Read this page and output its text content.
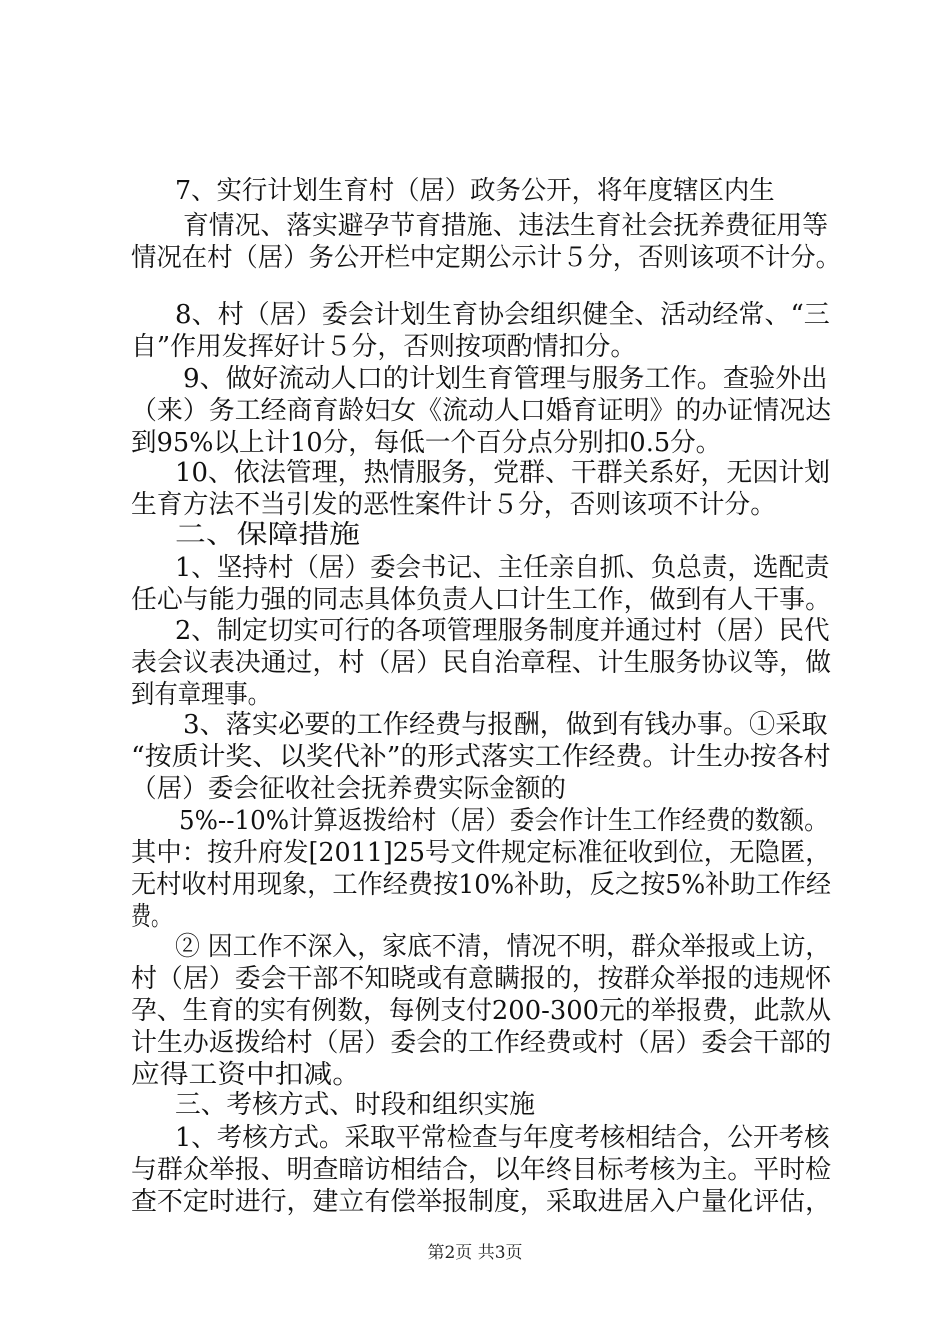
7、实行计划生育村（居）政务公开，将年度辖区内生
育情况、落实避孕节育措施、违法生育社会抚养费征用等
情况在村（居）务公开栏中定期公示计５分，否则该项不计分。
8、村（居）委会计划生育协会组织健全、活动经常、“三
自”作用发挥好计５分，否则按项酌情扣分。
9、做好流动人口的计划生育管理与服务工作。查验外出
（来）务工经商育龄妇女《流动人口婚育证明》的办证情况达
到95%以上计10分，每低一个百分点分别扣0.5分。
10、依法管理，热情服务，党群、干群关系好，无因计划
生育方法不当引发的恶性案件计５分，否则该项不计分。
二、保障措施
1、坚持村（居）委会书记、主任亲自抓、负总责，选配责
任心与能力强的同志具体负责人口计生工作，做到有人干事。
2、制定切实可行的各项管理服务制度并通过村（居）民代
表会议表决通过，村（居）民自治章程、计生服务协议等，做
到有章理事。
3、落实必要的工作经费与报酬，做到有钱办事。①采取
“按质计奖、以奖代补”的形式落实工作经费。计生办按各村
（居）委会征收社会抚养费实际金额的
5%--10%计算返拨给村（居）委会作计生工作经费的数额。
其中：按升府发[2011]25号文件规定标准征收到位，无隐匿，
无村收村用现象，工作经费按10%补助，反之按5%补助工作经
费。
② 因工作不深入，家底不清，情况不明，群众举报或上访，
村（居）委会干部不知晓或有意瞒报的，按群众举报的违规怀
孕、生育的实有例数，每例支付200-300元的举报费，此款从
计生办返拨给村（居）委会的工作经费或村（居）委会干部的
应得工资中扣减。
三、考核方式、时段和组织实施
1、考核方式。采取平常检查与年度考核相结合，公开考核
与群众举报、明查暗访相结合，以年终目标考核为主。平时检
查不定时进行，建立有偿举报制度，采取进居入户量化评估，
第2页 共3页
